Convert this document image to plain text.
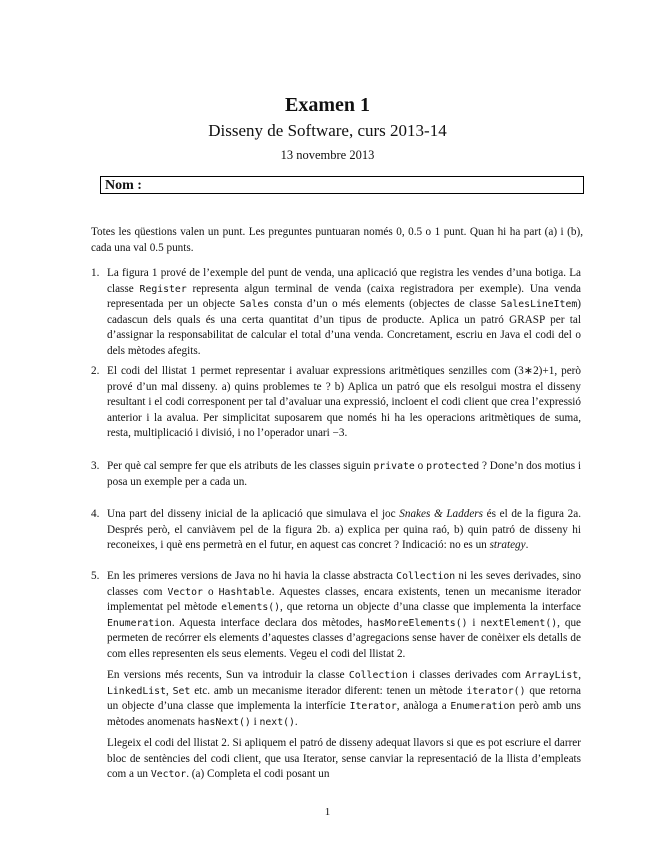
Examen 1
Disseny de Software, curs 2013-14
13 novembre 2013
Nom :
Totes les qüestions valen un punt. Les preguntes puntuaran només 0, 0.5 o 1 punt. Quan hi ha part (a) i (b), cada una val 0.5 punts.
1. La figura 1 prové de l’exemple del punt de venda, una aplicació que registra les vendes d’una botiga. La classe Register representa algun terminal de venda (caixa registradora per exemple). Una venda representada per un objecte Sales consta d’un o més elements (objectes de classe SalesLineItem) cadascun dels quals és una certa quantitat d’un tipus de producte. Aplica un patró GRASP per tal d’assignar la responsabilitat de calcular el total d’una venda. Concretament, escriu en Java el codi del o dels mètodes afegits.

2. El codi del llistat 1 permet representar i avaluar expressions aritmètiques senzilles com (3∗2)+1, però prové d’un mal disseny. a) quins problemes te ? b) Aplica un patró que els resolgui mostra el disseny resultant i el codi corresponent per tal d’avaluar una expressió, incloent el codi client que crea l’expressió anterior i la avalua. Per simplicitat suposarem que només hi ha les operacions aritmètiques de suma, resta, multiplicació i divisió, i no l’operador unari −3.

3. Per què cal sempre fer que els atributs de les classes siguin private o protected ? Done’n dos motius i posa un exemple per a cada un.

4. Una part del disseny inicial de la aplicació que simulava el joc Snakes & Ladders és el de la figura 2a. Després però, el canviàvem pel de la figura 2b. a) explica per quina raó, b) quin patró de disseny hi reconeixes, i què ens permetrà en el futur, en aquest cas concret ? Indicació: no es un strategy.

5. En les primeres versions de Java no hi havia la classe abstracta Collection ni les seves derivades, sino classes com Vector o Hashtable. Aquestes classes, encara existents, tenen un mecanisme iterador implementat pel mètode elements(), que retorna un objecte d’una classe que implementa la interface Enumeration. Aquesta interface declara dos mètodes, hasMoreElements() i nextElement(), que permeten de recórrer els elements d’aquestes classes d’agregacions sense haver de conèixer els detalls de com elles representen els seus elements. Vegeu el codi del llistat 2.

En versions més recents, Sun va introduir la classe Collection i classes derivades com ArrayList, LinkedList, Set etc. amb un mecanisme iterador diferent: tenen un mètode iterator() que retorna un objecte d’una classe que implementa la interfície Iterator, anàloga a Enumeration però amb uns mètodes anomenats hasNext() i next().

Llegeix el codi del llistat 2. Si apliquem el patró de disseny adequat llavors si que es pot escriure el darrer bloc de sentències del codi client, que usa Iterator, sense canviar la representació de la llista d’empleats com a un Vector. (a) Completa el codi posant un

1
